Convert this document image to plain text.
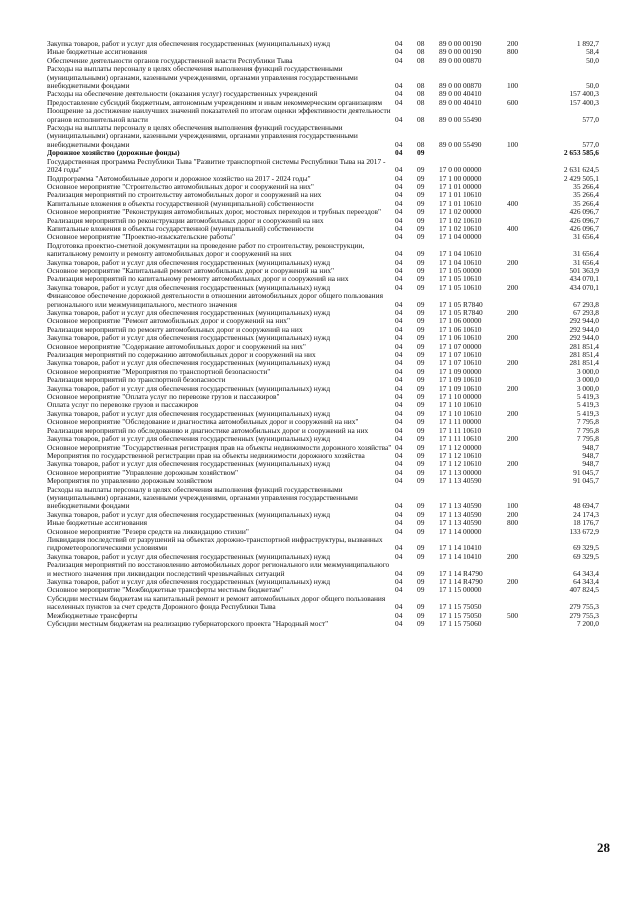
Закупка товаров, работ и услуг для обеспечения государственных (муниципальных) нужд	04	08	89 0 00 00190	200	1 892,7
Иные бюджетные ассигнования	04	08	89 0 00 00190	800	58,4
Обеспечение деятельности органов государственной власти Республики Тыва	04	08	89 0 00 00870		50,0
Расходы на выплаты персоналу в целях обеспечения выполнения функций государственными (муниципальными) органами, казенными учреждениями, органами управления государственными внебюджетными фондами	04	08	89 0 00 00870	100	50,0
Расходы на обеспечение деятельности (оказания услуг) государственных учреждений	04	08	89 0 00 40410		157 400,3
Предоставление субсидий бюджетным, автономным учреждениям и иным некоммерческим организациям	04	08	89 0 00 40410	600	157 400,3
Поощрение за достижение наилучших значений показателей по итогам оценки эффективности деятельности органов исполнительной власти	04	08	89 0 00 55490		577,0
Расходы на выплаты персоналу в целях обеспечения выполнения функций государственными (муниципальными) органами, казенными учреждениями, органами управления государственными внебюджетными фондами	04	08	89 0 00 55490	100	577,0
Дорожное хозяйство (дорожные фонды)	04	09			2 653 585,6
Государственная программа Республики Тыва "Развитие транспортной системы Республики Тыва на 2017 - 2024 годы"	04	09	17 0 00 00000		2 631 624,5
Подпрограмма "Автомобильные дороги и дорожное хозяйство на 2017 - 2024 годы"	04	09	17 1 00 00000		2 429 505,1
Основное мероприятие "Строительство автомобильных дорог и сооружений на них"	04	09	17 1 01 00000		35 266,4
Реализация мероприятий по строительству автомобильных дорог и сооружений на них	04	09	17 1 01 10610		35 266,4
Капитальные вложения в объекты государственной (муниципальной) собственности	04	09	17 1 01 10610	400	35 266,4
Основное мероприятие "Реконструкция автомобильных дорог, мостовых переходов и трубных переездов"	04	09	17 1 02 00000		426 096,7
Реализация мероприятий по реконструкции автомобильных дорог и сооружений на них	04	09	17 1 02 10610		426 096,7
Капитальные вложения в объекты государственной (муниципальной) собственности	04	09	17 1 02 10610	400	426 096,7
Основное мероприятие "Проектно-изыскательские работы"	04	09	17 1 04 00000		31 656,4
Подготовка проектно-сметной документации на проведение работ по строительству, реконструкции, капитальному ремонту и ремонту автомобильных дорог и сооружений на них	04	09	17 1 04 10610		31 656,4
Закупка товаров, работ и услуг для обеспечения государственных (муниципальных) нужд	04	09	17 1 04 10610	200	31 656,4
Основное мероприятие "Капитальный ремонт автомобильных дорог и сооружений на них"	04	09	17 1 05 00000		501 363,9
Реализация мероприятий по капитальному ремонту автомобильных дорог и сооружений на них	04	09	17 1 05 10610		434 070,1
Закупка товаров, работ и услуг для обеспечения государственных (муниципальных) нужд	04	09	17 1 05 10610	200	434 070,1
Финансовое обеспечение дорожной деятельности в отношении автомобильных дорог общего пользования регионального или межмуниципального, местного значения	04	09	17 1 05 R7840		67 293,8
Закупка товаров, работ и услуг для обеспечения государственных (муниципальных) нужд	04	09	17 1 05 R7840	200	67 293,8
Основное мероприятие "Ремонт автомобильных дорог и сооружений на них"	04	09	17 1 06 00000		292 944,0
Реализация мероприятий по ремонту автомобильных дорог и сооружений на них	04	09	17 1 06 10610		292 944,0
Закупка товаров, работ и услуг для обеспечения государственных (муниципальных) нужд	04	09	17 1 06 10610	200	292 944,0
Основное мероприятие "Содержание автомобильных дорог и сооружений на них"	04	09	17 1 07 00000		281 851,4
Реализация мероприятий по содержанию автомобильных дорог и сооружений на них	04	09	17 1 07 10610		281 851,4
Закупка товаров, работ и услуг для обеспечения государственных (муниципальных) нужд	04	09	17 1 07 10610	200	281 851,4
Основное мероприятие "Мероприятия по транспортной безопасности"	04	09	17 1 09 00000		3 000,0
Реализация мероприятий по транспортной безопасности	04	09	17 1 09 10610		3 000,0
Закупка товаров, работ и услуг для обеспечения государственных (муниципальных) нужд	04	09	17 1 09 10610	200	3 000,0
Основное мероприятие "Оплата услуг по перевозке грузов и пассажиров"	04	09	17 1 10 00000		5 419,3
Оплата услуг по перевозке грузов и пассажиров	04	09	17 1 10 10610		5 419,3
Закупка товаров, работ и услуг для обеспечения государственных (муниципальных) нужд	04	09	17 1 10 10610	200	5 419,3
Основное мероприятие "Обследование и диагностика автомобильных дорог и сооружений на них"	04	09	17 1 11 00000		7 795,8
Реализация мероприятий по обследованию и диагностике автомобильных дорог и сооружений на них	04	09	17 1 11 10610		7 795,8
Закупка товаров, работ и услуг для обеспечения государственных (муниципальных) нужд	04	09	17 1 11 10610	200	7 795,8
Основное мероприятие "Государственная регистрация прав на объекты недвижимости дорожного хозяйства"	04	09	17 1 12 00000		948,7
Мероприятия по государственной регистрации прав на объекты недвижимости дорожного хозяйства	04	09	17 1 12 10610		948,7
Закупка товаров, работ и услуг для обеспечения государственных (муниципальных) нужд	04	09	17 1 12 10610	200	948,7
Основное мероприятие "Управление дорожным хозяйством"	04	09	17 1 13 00000		91 045,7
Мероприятия по управлению дорожным хозяйством	04	09	17 1 13 40590		91 045,7
Расходы на выплаты персоналу в целях обеспечения выполнения функций государственными (муниципальными) органами, казенными учреждениями, органами управления государственными внебюджетными фондами	04	09	17 1 13 40590	100	48 694,7
Закупка товаров, работ и услуг для обеспечения государственных (муниципальных) нужд	04	09	17 1 13 40590	200	24 174,3
Иные бюджетные ассигнования	04	09	17 1 13 40590	800	18 176,7
Основное мероприятие "Резерв средств на ликвидацию стихии"	04	09	17 1 14 00000		133 672,9
Ликвидация последствий от разрушений на объектах дорожно-транспортной инфраструктуры, вызванных гидрометеорологическими условиями	04	09	17 1 14 10410		69 329,5
Закупка товаров, работ и услуг для обеспечения государственных (муниципальных) нужд	04	09	17 1 14 10410	200	69 329,5
Реализация мероприятий по восстановлению автомобильных дорог регионального или межмуниципального и местного значения при ликвидации последствий чрезвычайных ситуаций	04	09	17 1 14 R4790		64 343,4
Закупка товаров, работ и услуг для обеспечения государственных (муниципальных) нужд	04	09	17 1 14 R4790	200	64 343,4
Основное мероприятие "Межбюджетные трансферты местным бюджетам"	04	09	17 1 15 00000		407 824,5
Субсидии местным бюджетам на капитальный ремонт и ремонт автомобильных дорог общего пользования населенных пунктов за счет средств Дорожного фонда Республики Тыва	04	09	17 1 15 75050		279 755,3
Межбюджетные трансферты	04	09	17 1 15 75050	500	279 755,3
Субсидии местным бюджетам на реализацию губернаторского проекта "Народный мост"	04	09	17 1 15 75060		7 200,0
28
